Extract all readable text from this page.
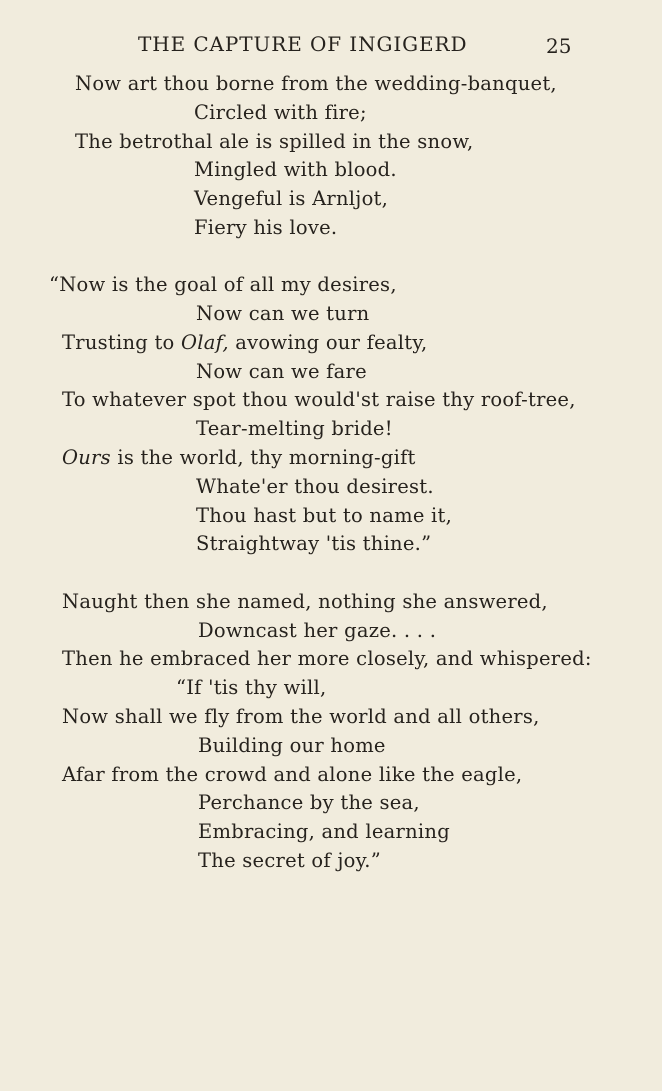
THE CAPTURE OF INGIGERD	25
Now art thou borne from the wedding-banquet,
Circled with fire;
The betrothal ale is spilled in the snow,
Mingled with blood.
Vengeful is Arnljot,
Fiery his love.
“Now is the goal of all my desires,
Now can we turn
Trusting to Olaf, avowing our fealty,
Now can we fare
To whatever spot thou would'st raise thy roof-tree,
Tear-melting bride!
Ours is the world, thy morning-gift
Whate'er thou desirest.
Thou hast but to name it,
Straightway 'tis thine.”
Naught then she named, nothing she answered,
Downcast her gaze. . . .
Then he embraced her more closely, and whispered:
“If 'tis thy will,
Now shall we fly from the world and all others,
Building our home
Afar from the crowd and alone like the eagle,
Perchance by the sea,
Embracing, and learning
The secret of joy.”
